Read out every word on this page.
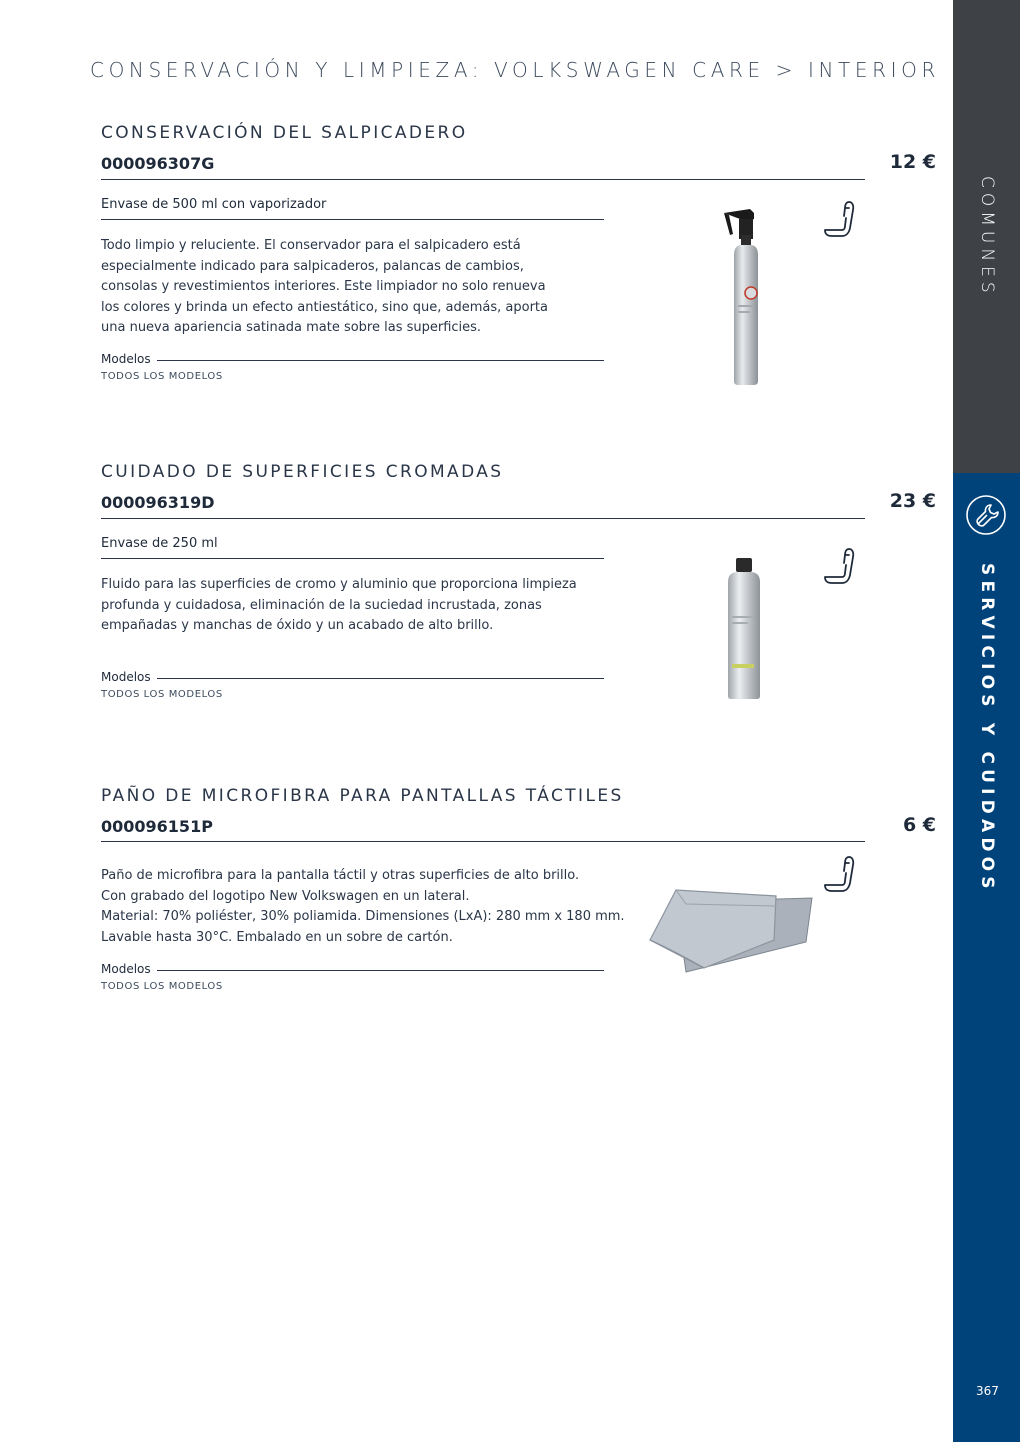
CONSERVACIÓN Y LIMPIEZA: VOLKSWAGEN CARE > INTERIOR
CONSERVACIÓN DEL SALPICADERO
000096307G	12 €
Envase de 500 ml con vaporizador

Todo limpio y reluciente. El conservador para el salpicadero está
especialmente indicado para salpicaderos, palancas de cambios,
consolas y revestimientos interiores. Este limpiador no solo renueva
los colores y brinda un efecto antiestático, sino que, además, aporta
una nueva apariencia satinada mate sobre las superficies.

Modelos
TODOS LOS MODELOS
CUIDADO DE SUPERFICIES CROMADAS
000096319D	23 €
Envase de 250 ml

Fluido para las superficies de cromo y aluminio que proporciona limpieza
profunda y cuidadosa, eliminación de la suciedad incrustada, zonas
empañadas y manchas de óxido y un acabado de alto brillo.

Modelos
TODOS LOS MODELOS
PAÑO DE MICROFIBRA PARA PANTALLAS TÁCTILES
000096151P	6 €

Paño de microfibra para la pantalla táctil y otras superficies de alto brillo.
Con grabado del logotipo New Volkswagen en un lateral.
Material: 70% poliéster, 30% poliamida. Dimensiones (LxA): 280 mm x 180 mm.
Lavable hasta 30°C. Embalado en un sobre de cartón.

Modelos
TODOS LOS MODELOS
COMUNES
SERVICIOS Y CUIDADOS
367
